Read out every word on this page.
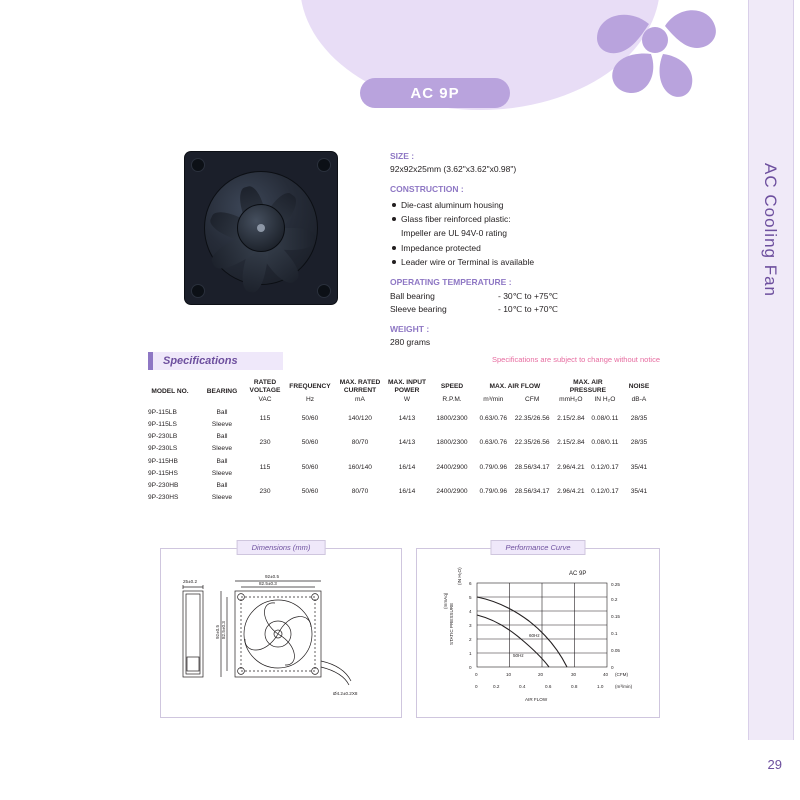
AC Cooling Fan
29
AC 9P
SIZE :
92x92x25mm (3.62"x3.62"x0.98")
CONSTRUCTION :
Die-cast aluminum housing
Glass fiber reinforced plastic:
Impeller are UL 94V-0 rating
Impedance protected
Leader wire or Terminal is available
OPERATING TEMPERATURE :
Ball bearing	- 30℃ to +75℃
Sleeve bearing	- 10℃ to +70℃
WEIGHT :
280 grams
Specifications	Specifications are subject to change without notice
MODEL NO.	BEARING	RATED VOLTAGE	FREQUENCY	MAX. RATED CURRENT	MAX. INPUT POWER	SPEED	MAX. AIR FLOW		MAX. AIR PRESSURE		NOISE	
		VAC	Hz	mA	W	R.P.M.	m³/min	CFM	mmH₂O	IN H₂O	dB-A	
9P-115LB	Ball	115	50/60	140/120	14/13	1800/2300	0.63/0.76	22.35/26.56	2.15/2.84	0.08/0.11	28/35	
9P-115LS	Sleeve											
9P-230LB	Ball	230	50/60	80/70	14/13	1800/2300	0.63/0.76	22.35/26.56	2.15/2.84	0.08/0.11	28/35	
9P-230LS	Sleeve											
9P-115HB	Ball	115	50/60	160/140	16/14	2400/2900	0.79/0.96	28.56/34.17	2.96/4.21	0.12/0.17	35/41	
9P-115HS	Sleeve											
9P-230HB	Ball	230	50/60	80/70	16/14	2400/2900	0.79/0.96	28.56/34.17	2.96/4.21	0.12/0.17	35/41	
9P-230HS	Sleeve											
Dimensions (mm)
25±0.2
92±0.5
82.5±0.3
82.5±0.3
92±0.5
Ø4.2±0.2X8
Performance Curve
0
1
2
3
4
5
6
0
0.05
0.1
0.15
0.2
0.25
0	10	20	30	40 (CFM)
0	0.2	0.4	0.6	0.8	1.0	(m³/min)
STATIC PRESSURE
(mmAq)
(IN H₂O)
AIR FLOW
60Hz
50Hz
AC 9P
